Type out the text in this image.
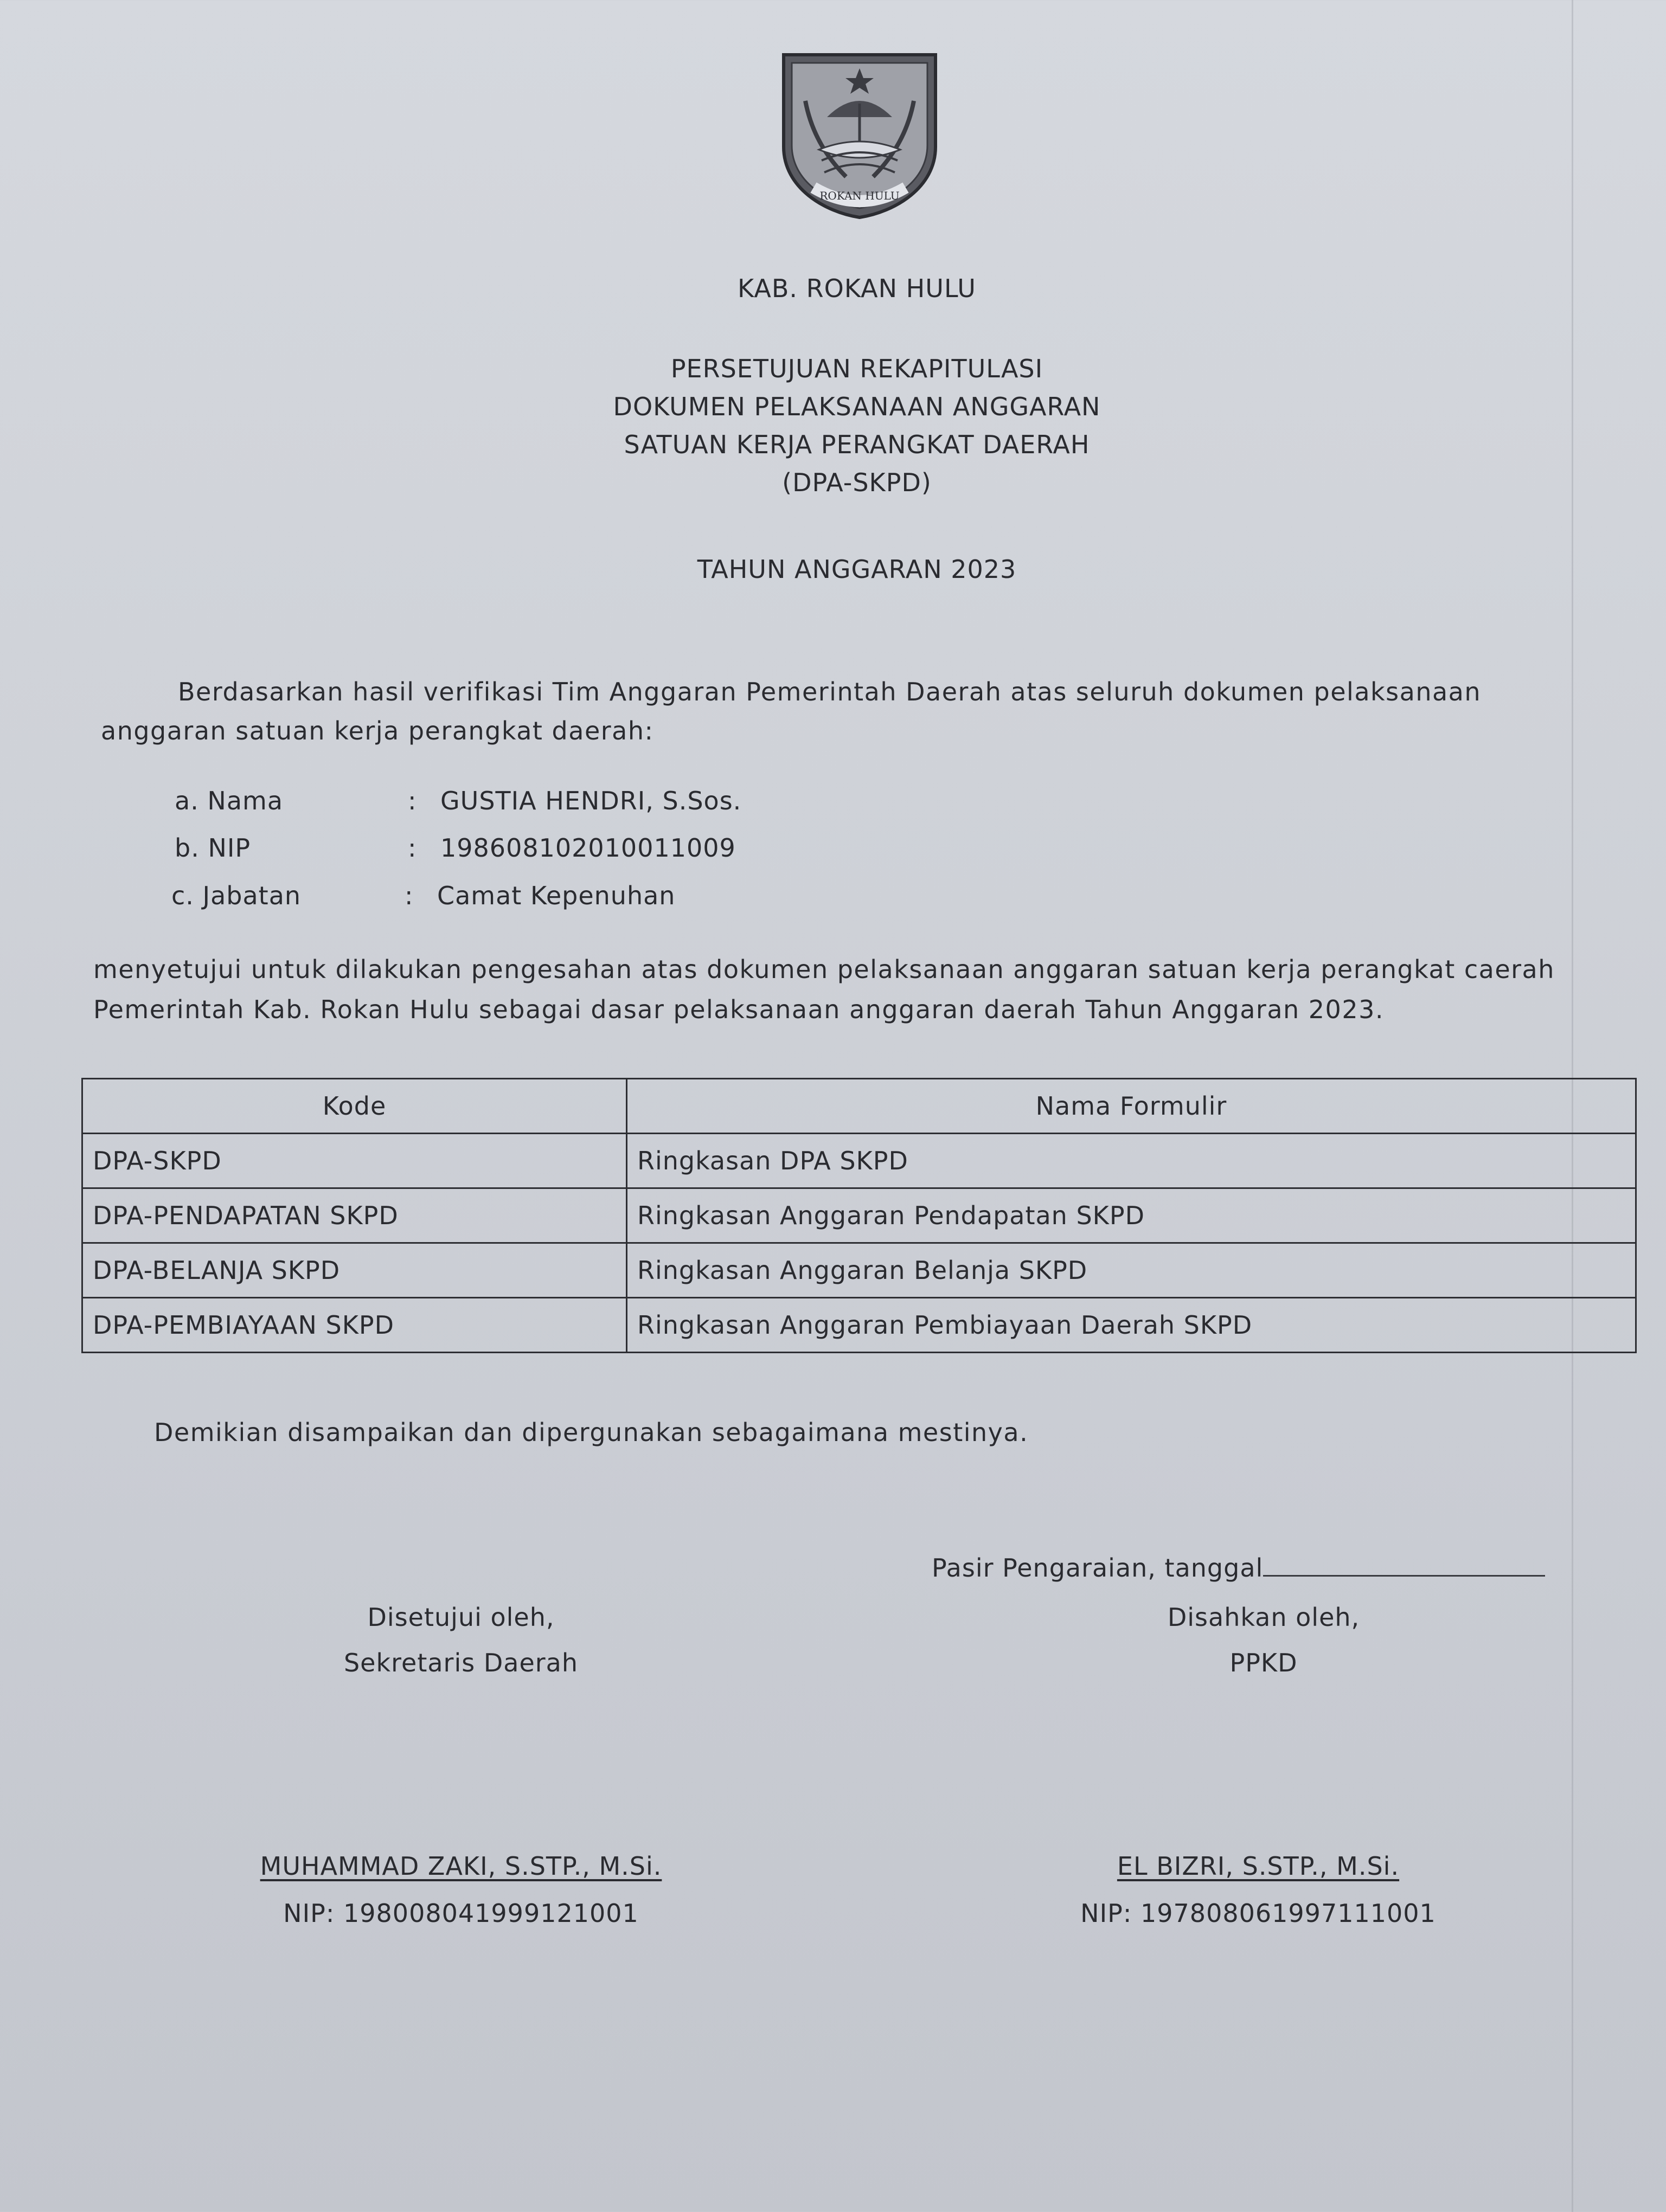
ROKAN HULU
KAB. ROKAN HULU
PERSETUJUAN REKAPITULASI
DOKUMEN PELAKSANAAN ANGGARAN
SATUAN KERJA PERANGKAT DAERAH
(DPA-SKPD)
TAHUN ANGGARAN 2023
Berdasarkan hasil verifikasi Tim Anggaran Pemerintah Daerah atas seluruh dokumen pelaksanaan
anggaran satuan kerja perangkat daerah:
a. Nama	: GUSTIA HENDRI, S.Sos.
b. NIP	: 198608102010011009
c. Jabatan	: Camat Kepenuhan
menyetujui untuk dilakukan pengesahan atas dokumen pelaksanaan anggaran satuan kerja perangkat caerah
Pemerintah Kab. Rokan Hulu sebagai dasar pelaksanaan anggaran daerah Tahun Anggaran 2023.
Kode	Nama Formulir
DPA-SKPD	Ringkasan DPA SKPD
DPA-PENDAPATAN SKPD	Ringkasan Anggaran Pendapatan SKPD
DPA-BELANJA SKPD	Ringkasan Anggaran Belanja SKPD
DPA-PEMBIAYAAN SKPD	Ringkasan Anggaran Pembiayaan Daerah SKPD
Demikian disampaikan dan dipergunakan sebagaimana mestinya.
Pasir Pengaraian, tanggal
Disetujui oleh,
Sekretaris Daerah
MUHAMMAD ZAKI, S.STP., M.Si.
NIP: 198008041999121001
Disahkan oleh,
PPKD
EL BIZRI, S.STP., M.Si.
NIP: 197808061997111001
